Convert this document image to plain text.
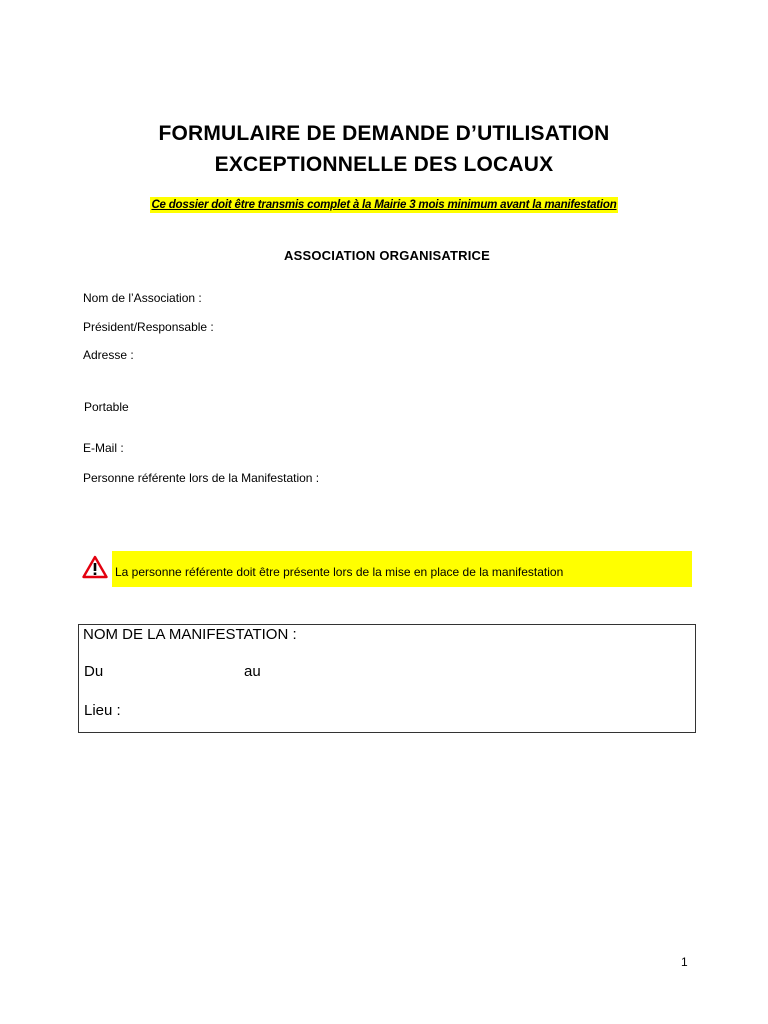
FORMULAIRE DE DEMANDE D’UTILISATION
EXCEPTIONNELLE DES LOCAUX
Ce dossier doit être transmis complet à la Mairie 3 mois minimum avant la manifestation
ASSOCIATION ORGANISATRICE
Nom de l’Association :
Président/Responsable :
Adresse :
Portable
E-Mail :
Personne référente lors de la Manifestation :
La personne référente doit être présente lors de la mise en place de la manifestation
NOM DE LA MANIFESTATION :
Du	au
Lieu :
1
